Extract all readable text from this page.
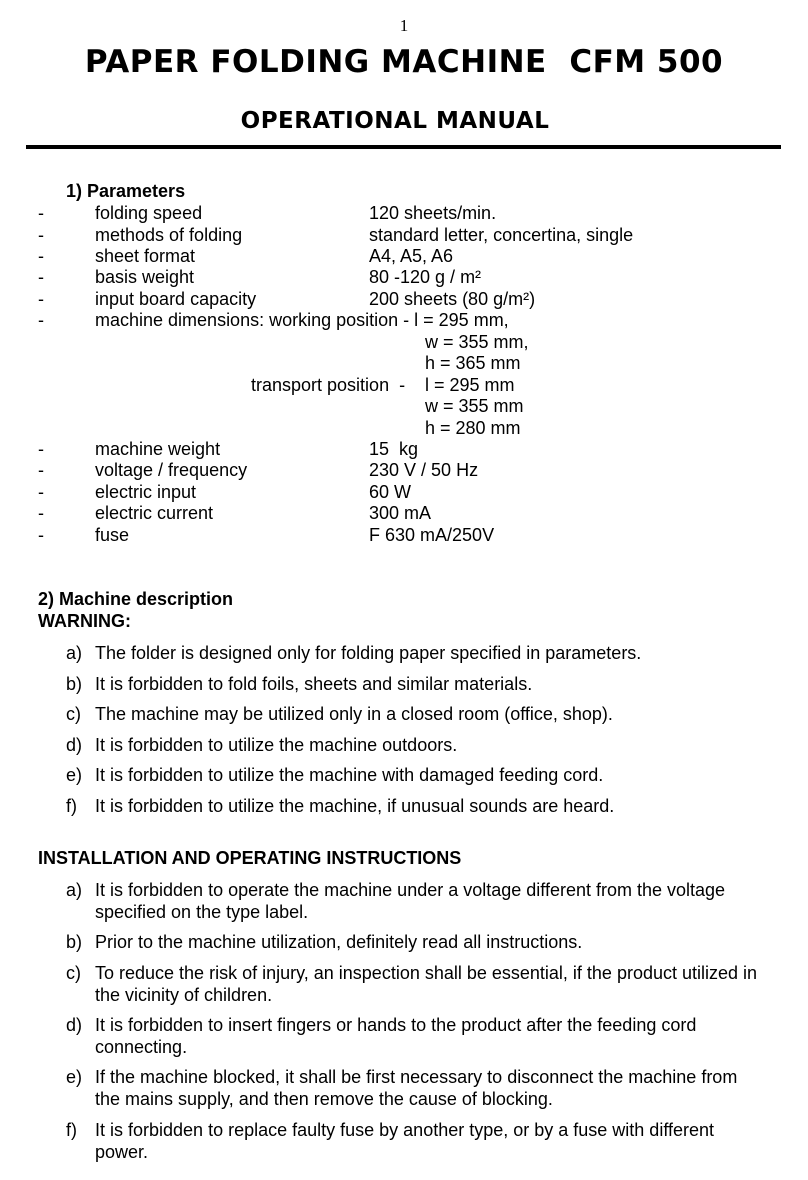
1
PAPER FOLDING MACHINE  CFM 500
OPERATIONAL MANUAL
1) Parameters
-	folding speed	120 sheets/min.
-	methods of folding	standard letter, concertina, single
-	sheet format	A4, A5, A6
-	basis weight	80 -120 g / m²
-	input board capacity	200 sheets (80 g/m²)
-	machine dimensions: working position - l = 295 mm,
w = 355 mm,
h = 365 mm
transport position  - l = 295 mm
w = 355 mm
h = 280 mm
-	machine weight	15  kg
-	voltage / frequency	230 V / 50 Hz
-	electric input	60 W
-	electric current	300 mA
-	fuse	F 630 mA/250V
2) Machine description
WARNING:
a) The folder is designed only for folding paper specified in parameters.
b) It is forbidden to fold foils, sheets and similar materials.
c) The machine may be utilized only in a closed room (office, shop).
d) It is forbidden to utilize the machine outdoors.
e) It is forbidden to utilize the machine with damaged feeding cord.
f) It is forbidden to utilize the machine, if unusual sounds are heard.
INSTALLATION AND OPERATING INSTRUCTIONS
a) It is forbidden to operate the machine under a voltage different from the voltage specified on the type label.
b) Prior to the machine utilization, definitely read all instructions.
c) To reduce the risk of injury, an inspection shall be essential, if the product utilized in the vicinity of children.
d) It is forbidden to insert fingers or hands to the product after the feeding cord connecting.
e) If the machine blocked, it shall be first necessary to disconnect the machine from the mains supply, and then remove the cause of blocking.
f) It is forbidden to replace faulty fuse by another type, or by a fuse with different power.
